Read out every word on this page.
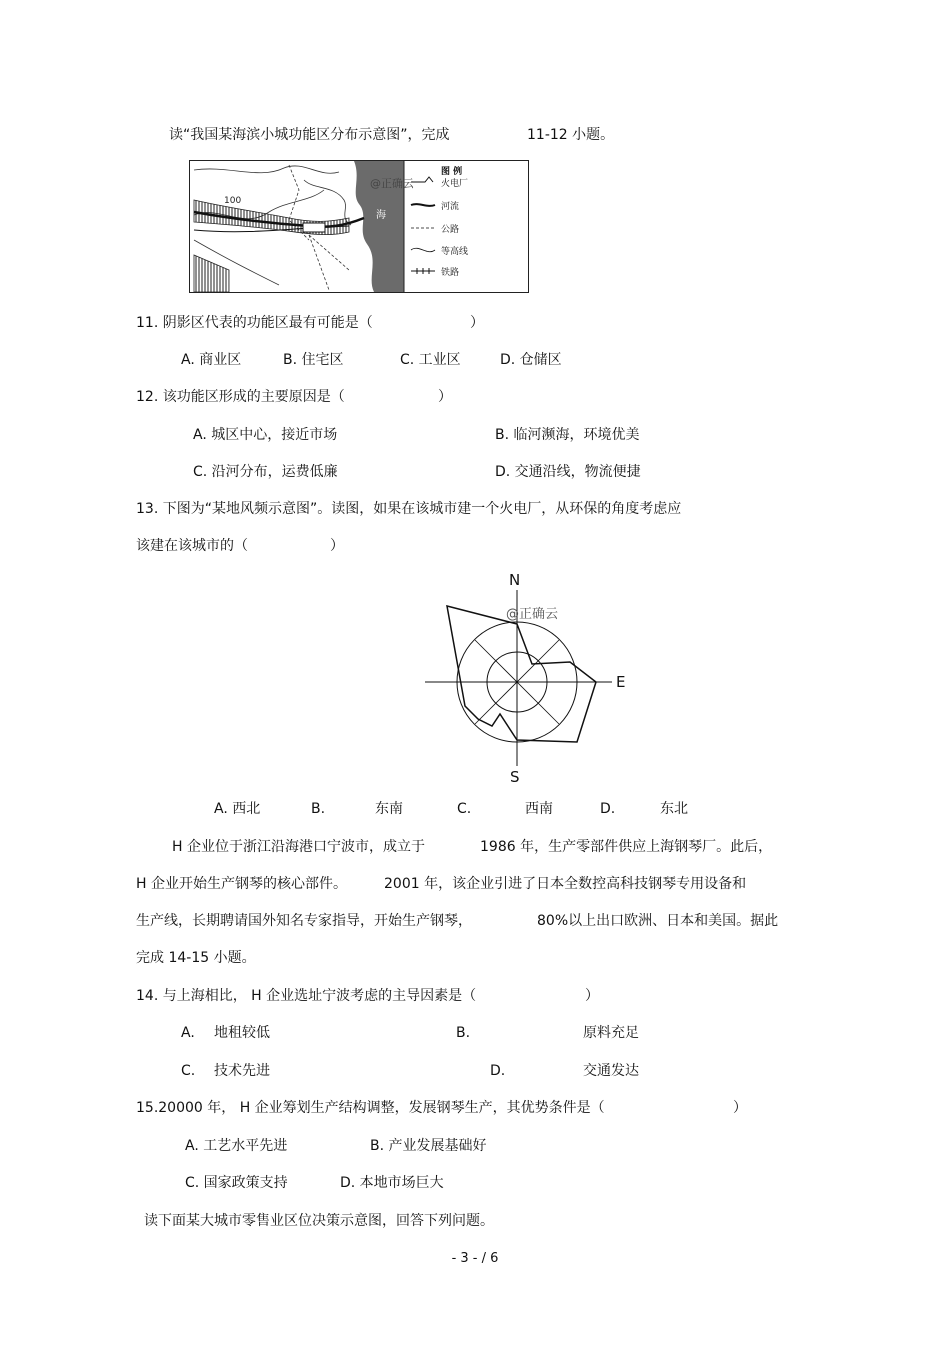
读“我国某海滨小城功能区分布示意图”，完成	11-12 小题。
海
100
@正确云
图 例
火电厂
河流
公路
等高线
铁路
11. 阴影区代表的功能区最有可能是（	）
A. 商业区	B. 住宅区	C. 工业区	D. 仓储区
12. 该功能区形成的主要原因是（	）
A. 城区中心，接近市场	B. 临河濒海，环境优美
C. 沿河分布，运费低廉	D. 交通沿线，物流便捷
13. 下图为“某地风频示意图”。读图，如果在该城市建一个火电厂，从环保的角度考虑应
该建在该城市的（	）
N
S
E
@正确云
A. 西北	B.	东南	C.	西南	D.	东北
H 企业位于浙江沿海港口宁波市，成立于	1986 年，生产零部件供应上海钢琴厂。此后，
H 企业开始生产钢琴的核心部件。	2001 年，该企业引进了日本全数控高科技钢琴专用设备和
生产线，长期聘请国外知名专家指导，开始生产钢琴，	80%以上出口欧洲、日本和美国。据此
完成 14-15 小题。
14. 与上海相比， H 企业选址宁波考虑的主导因素是（	）
A. 地租较低	B.	原料充足
C. 技术先进	D.	交通发达
15.20000 年， H 企业筹划生产结构调整，发展钢琴生产，其优势条件是（	）
A. 工艺水平先进	B. 产业发展基础好
C. 国家政策支持	D. 本地市场巨大
读下面某大城市零售业区位决策示意图，回答下列问题。
- 3 - / 6
